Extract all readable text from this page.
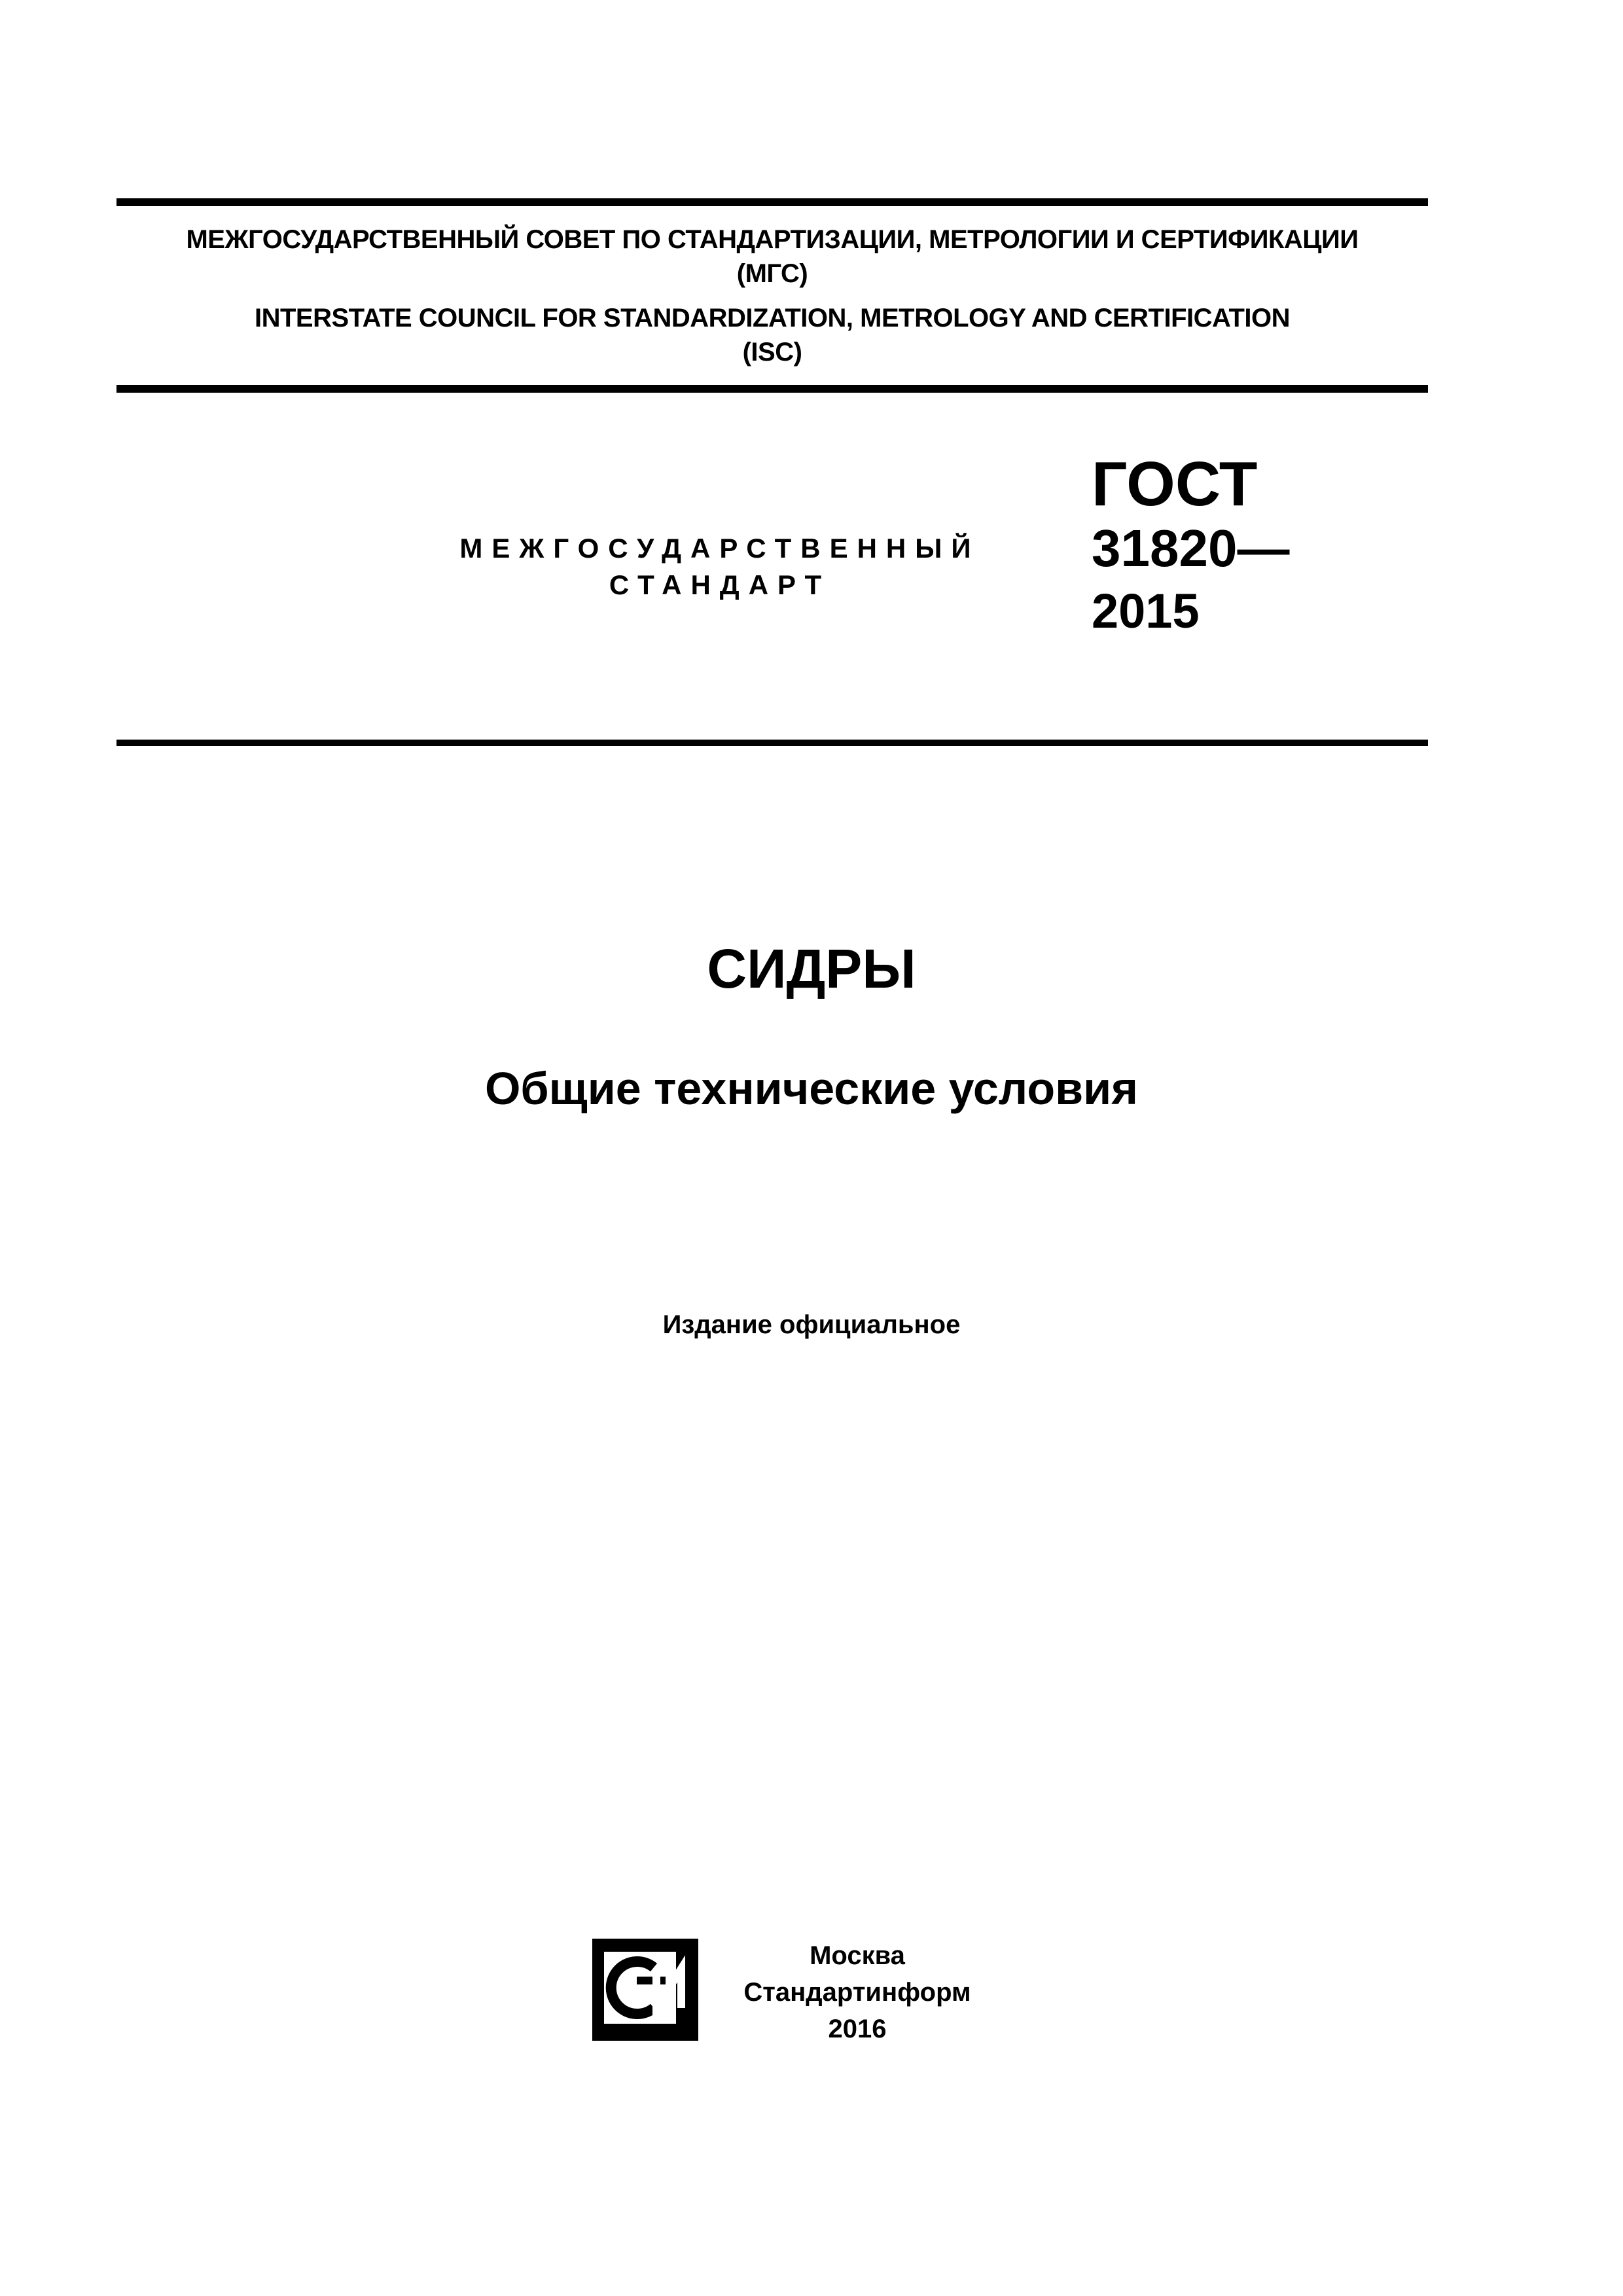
МЕЖГОСУДАРСТВЕННЫЙ СОВЕТ ПО СТАНДАРТИЗАЦИИ, МЕТРОЛОГИИ И СЕРТИФИКАЦИИ
(МГС)
INTERSTATE COUNCIL FOR STANDARDIZATION, METROLOGY AND CERTIFICATION
(ISC)
МЕЖГОСУДАРСТВЕННЫЙ
СТАНДАРТ
ГОСТ
31820—
2015
СИДРЫ
Общие технические условия
Издание официальное
Москва
Стандартинформ
2016
